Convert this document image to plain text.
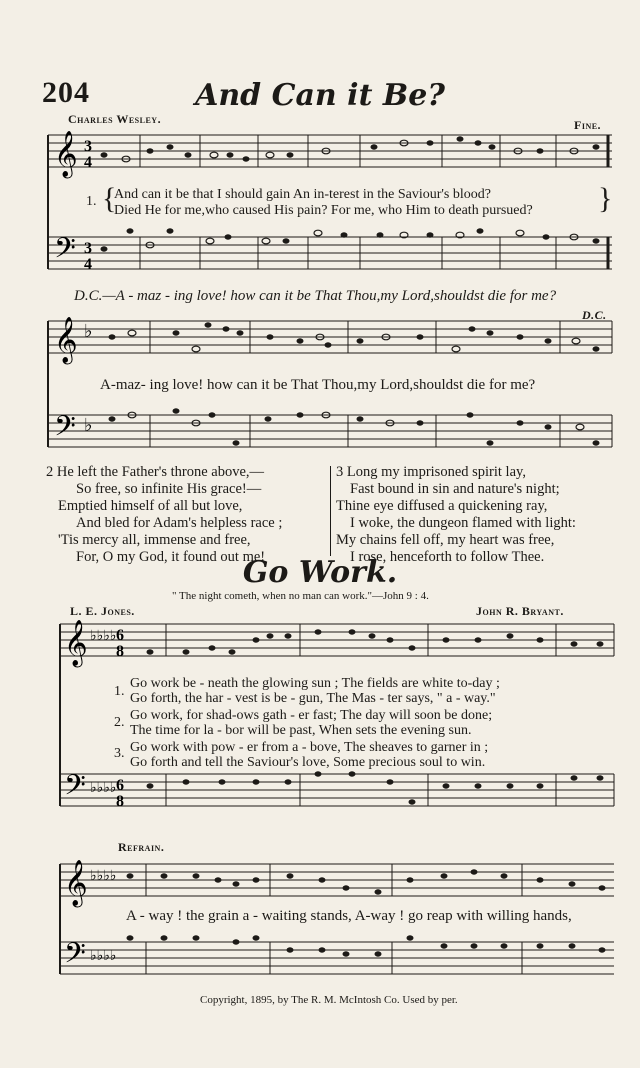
204	And Can it Be?
Charles Wesley.	Fine.
𝄞
𝄢
3
4
3
4
1. {
And can it be that I should gain An in-terest in the Saviour's blood?
Died He for me,who caused His pain? For me, who Him to death pursued? }
D.C.—A - maz - ing love! how can it be That Thou,my Lord,shouldst die for me?
𝄞
𝄢
♭
♭
D.C.
A-maz- ing love! how can it be That Thou,my Lord,shouldst die for me?
2 He left the Father's throne above,—
So free, so infinite His grace!—
Emptied himself of all but love,
And bled for Adam's helpless race ;
'Tis mercy all, immense and free,
For, O my God, it found out me!
3 Long my imprisoned spirit lay,
Fast bound in sin and nature's night;
Thine eye diffused a quickening ray,
I woke, the dungeon flamed with light:
My chains fell off, my heart was free,
I rose, henceforth to follow Thee.
Go Work.
" The night cometh, when no man can work."—John 9 : 4.
L. E. Jones.	John R. Bryant.
𝄞
𝄢
♭♭♭♭
♭♭♭♭
6
8
6
8
1.
2.
3.
Go work be - neath the glowing sun ; The fields are white to-day ;
Go forth, the har - vest is be - gun, The Mas - ter says, " a - way."
Go work, for shad-ows gath - er fast; The day will soon be done;
The time for la - bor will be past, When sets the evening sun.
Go work with pow - er from a - bove, The sheaves to garner in ;
Go forth and tell the Saviour's love, Some precious soul to win.
Refrain.
𝄞
𝄢
♭♭♭♭
♭♭♭♭
A - way ! the grain a - waiting stands, A-way ! go reap with willing hands,
Copyright, 1895, by The R. M. McIntosh Co. Used by per.
